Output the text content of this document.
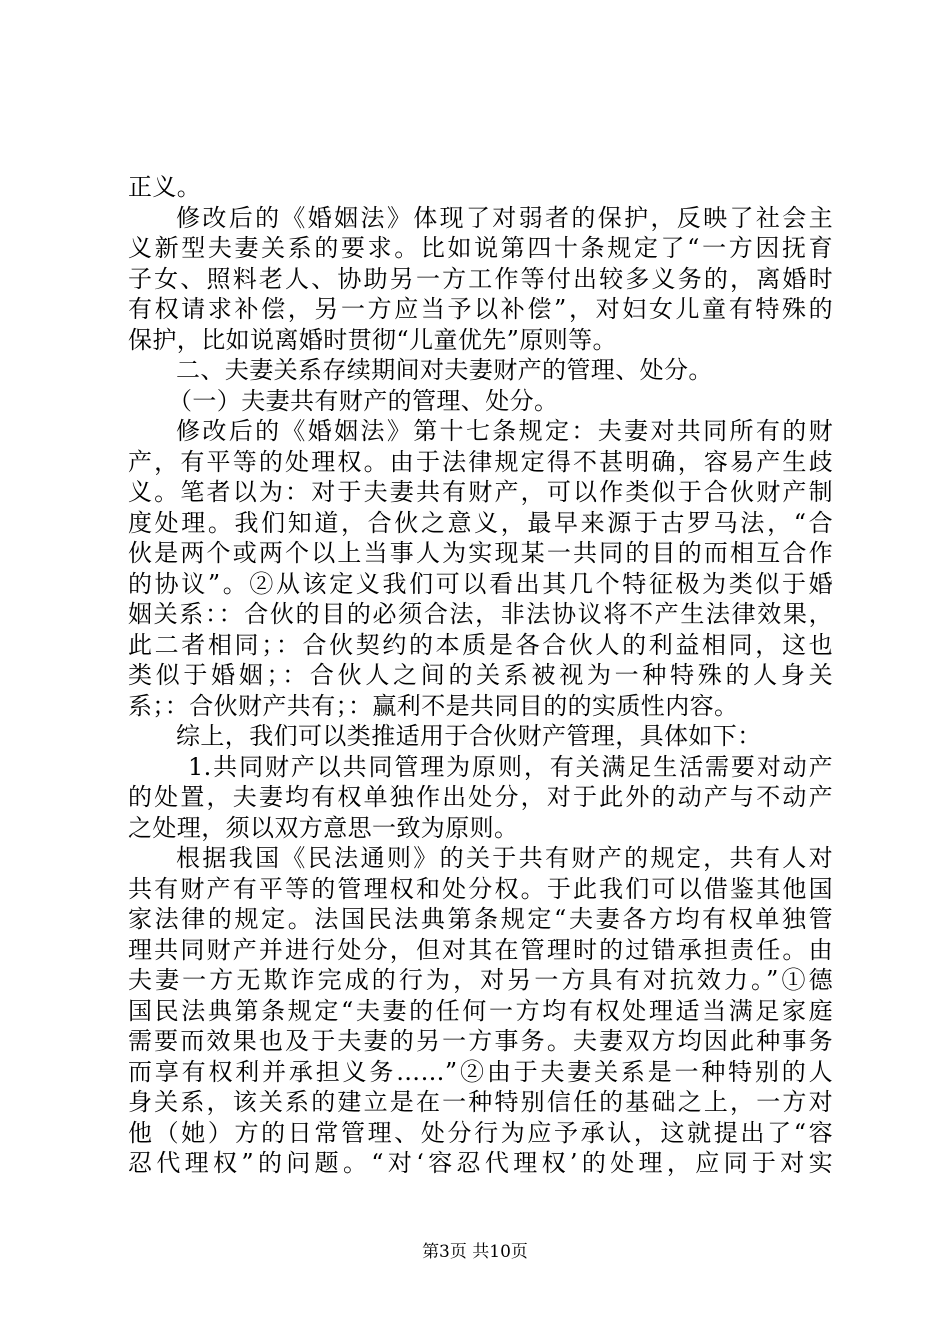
正义。
修改后的《婚姻法》体现了对弱者的保护，反映了社会主
义新型夫妻关系的要求。比如说第四十条规定了“一方因抚育
子女、照料老人、协助另一方工作等付出较多义务的，离婚时
有权请求补偿，另一方应当予以补偿”，对妇女儿童有特殊的
保护，比如说离婚时贯彻“儿童优先”原则等。
二、夫妻关系存续期间对夫妻财产的管理、处分。
（一）夫妻共有财产的管理、处分。
修改后的《婚姻法》第十七条规定：夫妻对共同所有的财
产，有平等的处理权。由于法律规定得不甚明确，容易产生歧
义。笔者以为：对于夫妻共有财产，可以作类似于合伙财产制
度处理。我们知道，合伙之意义，最早来源于古罗马法，“合
伙是两个或两个以上当事人为实现某一共同的目的而相互合作
的协议”。②从该定义我们可以看出其几个特征极为类似于婚
姻关系：：合伙的目的必须合法，非法协议将不产生法律效果，
此二者相同；：合伙契约的本质是各合伙人的利益相同，这也
类似于婚姻；：合伙人之间的关系被视为一种特殊的人身关
系；：合伙财产共有；：赢利不是共同目的的实质性内容。
综上，我们可以类推适用于合伙财产管理，具体如下：
1.共同财产以共同管理为原则，有关满足生活需要对动产
的处置，夫妻均有权单独作出处分，对于此外的动产与不动产
之处理，须以双方意思一致为原则。
根据我国《民法通则》的关于共有财产的规定，共有人对
共有财产有平等的管理权和处分权。于此我们可以借鉴其他国
家法律的规定。法国民法典第条规定“夫妻各方均有权单独管
理共同财产并进行处分，但对其在管理时的过错承担责任。由
夫妻一方无欺诈完成的行为，对另一方具有对抗效力。”①德
国民法典第条规定“夫妻的任何一方均有权处理适当满足家庭
需要而效果也及于夫妻的另一方事务。夫妻双方均因此种事务
而享有权利并承担义务……”②由于夫妻关系是一种特别的人
身关系，该关系的建立是在一种特别信任的基础之上，一方对
他（她）方的日常管理、处分行为应予承认，这就提出了“容
忍代理权”的问题。“对‘容忍代理权’的处理，应同于对实
第3页 共10页
